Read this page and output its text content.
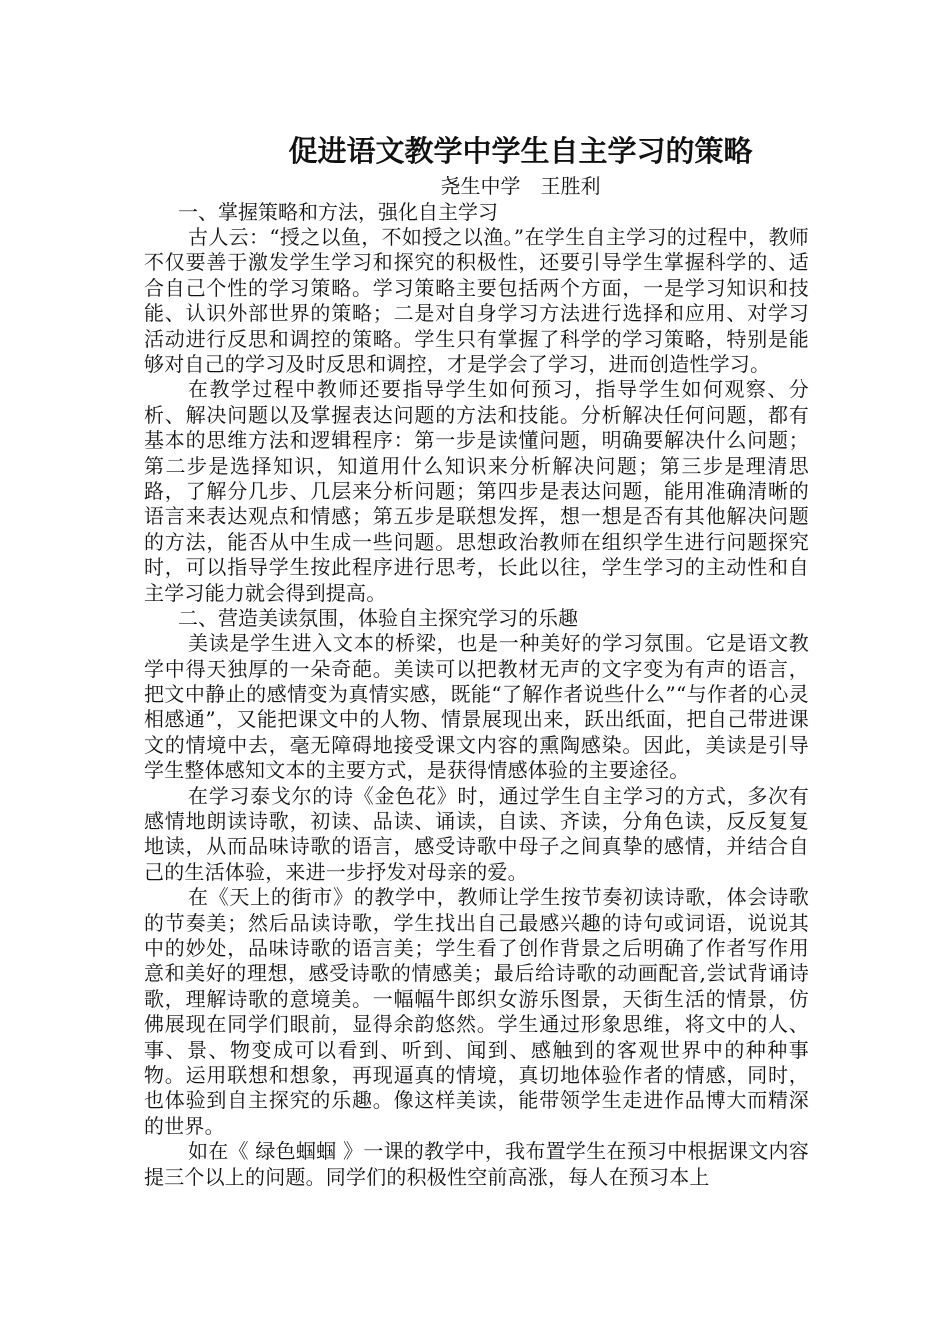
促进语文教学中学生自主学习的策略

尧生中学　王胜利

一、掌握策略和方法，强化自主学习

古人云：“授之以鱼，不如授之以渔。”在学生自主学习的过程中，教师不仅要善于激发学生学习和探究的积极性，还要引导学生掌握科学的、适合自己个性的学习策略。学习策略主要包括两个方面，一是学习知识和技能、认识外部世界的策略；二是对自身学习方法进行选择和应用、对学习活动进行反思和调控的策略。学生只有掌握了科学的学习策略，特别是能够对自己的学习及时反思和调控，才是学会了学习，进而创造性学习。

在教学过程中教师还要指导学生如何预习，指导学生如何观察、分析、解决问题以及掌握表达问题的方法和技能。分析解决任何问题，都有基本的思维方法和逻辑程序：第一步是读懂问题，明确要解决什么问题；第二步是选择知识，知道用什么知识来分析解决问题；第三步是理清思路，了解分几步、几层来分析问题；第四步是表达问题，能用准确清晰的语言来表达观点和情感；第五步是联想发挥，想一想是否有其他解决问题的方法，能否从中生成一些问题。思想政治教师在组织学生进行问题探究时，可以指导学生按此程序进行思考，长此以往，学生学习的主动性和自主学习能力就会得到提高。

二、营造美读氛围，体验自主探究学习的乐趣

美读是学生进入文本的桥梁，也是一种美好的学习氛围。它是语文教学中得天独厚的一朵奇葩。美读可以把教材无声的文字变为有声的语言，把文中静止的感情变为真情实感，既能“了解作者说些什么”“与作者的心灵相感通”，又能把课文中的人物、情景展现出来，跃出纸面，把自己带进课文的情境中去，毫无障碍地接受课文内容的熏陶感染。因此，美读是引导学生整体感知文本的主要方式，是获得情感体验的主要途径。

在学习泰戈尔的诗《金色花》时，通过学生自主学习的方式，多次有感情地朗读诗歌，初读、品读、诵读，自读、齐读，分角色读，反反复复地读，从而品味诗歌的语言，感受诗歌中母子之间真挚的感情，并结合自己的生活体验，来进一步抒发对母亲的爱。

在《天上的街市》的教学中，教师让学生按节奏初读诗歌，体会诗歌的节奏美；然后品读诗歌，学生找出自己最感兴趣的诗句或词语，说说其中的妙处，品味诗歌的语言美；学生看了创作背景之后明确了作者写作用意和美好的理想，感受诗歌的情感美；最后给诗歌的动画配音,尝试背诵诗歌，理解诗歌的意境美。一幅幅牛郎织女游乐图景，天街生活的情景，仿佛展现在同学们眼前，显得余韵悠然。学生通过形象思维，将文中的人、事、景、物变成可以看到、听到、闻到、感触到的客观世界中的种种事物。运用联想和想象，再现逼真的情境，真切地体验作者的情感，同时，也体验到自主探究的乐趣。像这样美读，能带领学生走进作品博大而精深的世界。

如在《 绿色蝈蝈 》一课的教学中，我布置学生在预习中根据课文内容提三个以上的问题。同学们的积极性空前高涨，每人在预习本上
